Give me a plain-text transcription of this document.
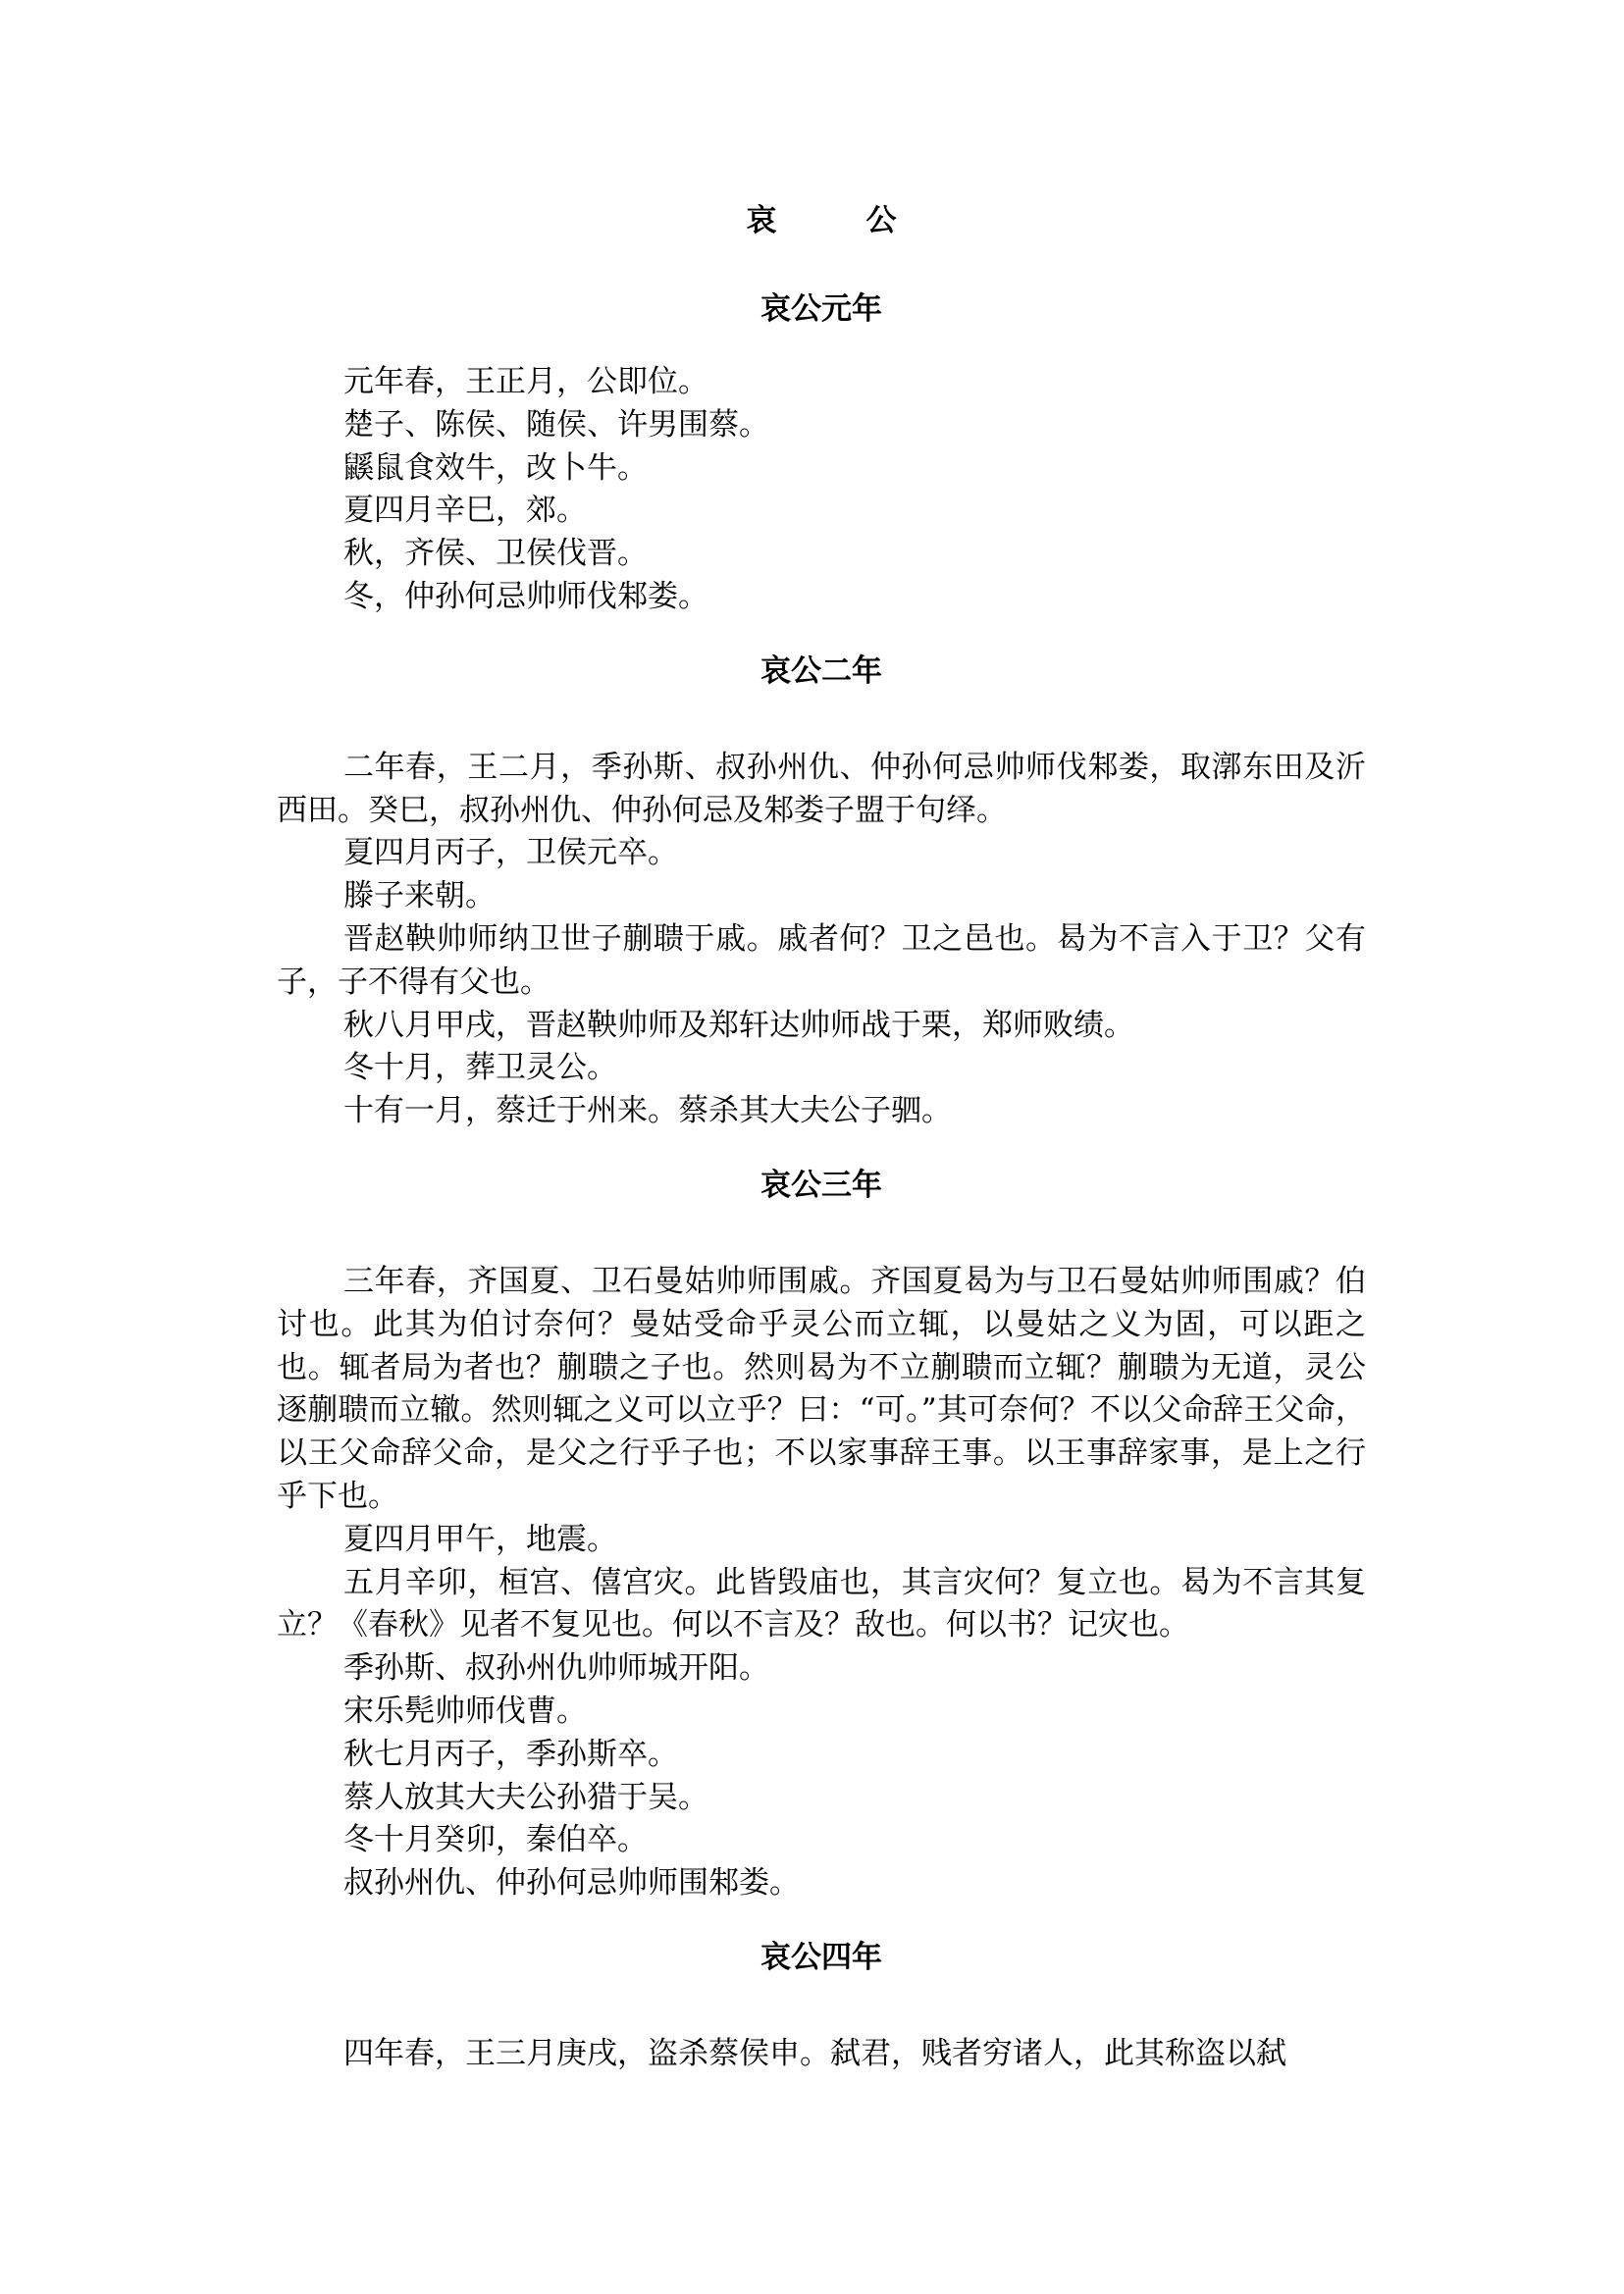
哀　公
哀公元年

元年春，王正月，公即位。

楚子、陈侯、随侯、许男围蔡。

鼷鼠食效牛，改卜牛。

夏四月辛巳，郊。

秋，齐侯、卫侯伐晋。

冬，仲孙何忌帅师伐邾娄。

哀公二年

二年春，王二月，季孙斯、叔孙州仇、仲孙何忌帅师伐邾娄，取漷东田及沂西田。癸巳，叔孙州仇、仲孙何忌及邾娄子盟于句绎。

夏四月丙子，卫侯元卒。

滕子来朝。

晋赵鞅帅师纳卫世子蒯聩于戚。戚者何？卫之邑也。曷为不言入于卫？父有子，子不得有父也。

秋八月甲戌，晋赵鞅帅师及郑轩达帅师战于栗，郑师败绩。

冬十月，葬卫灵公。

十有一月，蔡迁于州来。蔡杀其大夫公子驷。

哀公三年

三年春，齐国夏、卫石曼姑帅师围戚。齐国夏曷为与卫石曼姑帅师围戚？伯讨也。此其为伯讨奈何？曼姑受命乎灵公而立辄，以曼姑之义为固，可以距之也。辄者局为者也？蒯聩之子也。然则曷为不立蒯聩而立辄？蒯聩为无道，灵公逐蒯聩而立辙。然则辄之义可以立乎？曰：“可。”其可奈何？不以父命辞王父命，以王父命辞父命，是父之行乎子也；不以家事辞王事。以王事辞家事，是上之行乎下也。

夏四月甲午，地震。

五月辛卯，桓宫、僖宫灾。此皆毁庙也，其言灾何？复立也。曷为不言其复立？《春秋》见者不复见也。何以不言及？敌也。何以书？记灾也。

季孙斯、叔孙州仇帅师城开阳。

宋乐髡帅师伐曹。

秋七月丙子，季孙斯卒。

蔡人放其大夫公孙猎于吴。

冬十月癸卯，秦伯卒。

叔孙州仇、仲孙何忌帅师围邾娄。

哀公四年

四年春，王三月庚戌，盗杀蔡侯申。弑君，贱者穷诸人，此其称盗以弑
